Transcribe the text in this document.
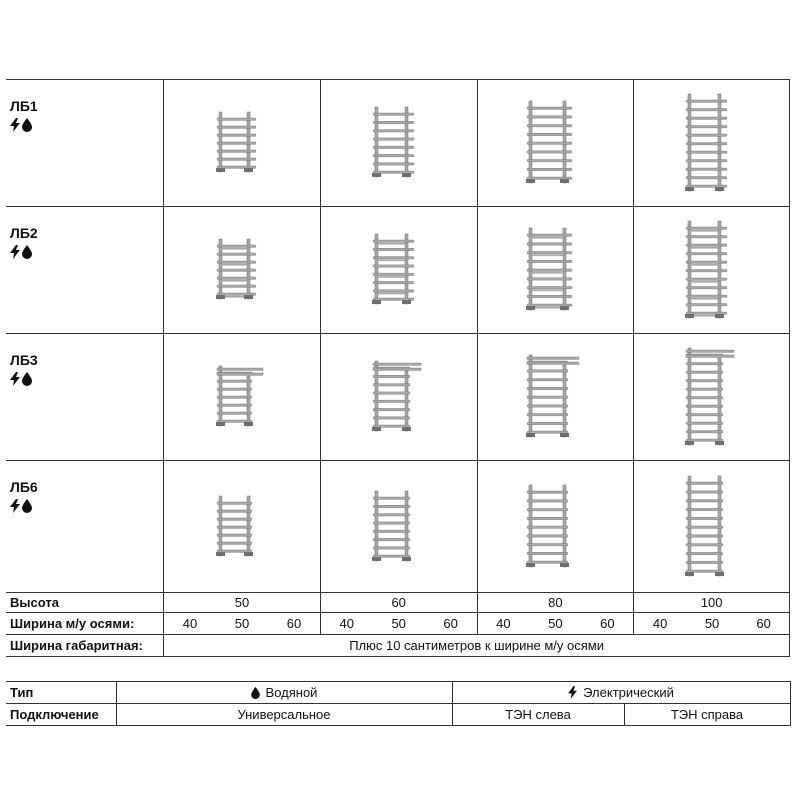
ЛБ1

ЛБ2

ЛБ3

ЛБ6

Высота	50			60			80			100		
Ширина м/у осями:	40	50	60	40	50	60	40	50	60	40	50	60
Ширина габаритная:	Плюс 10 сантиметров к ширине м/у осями											
Тип	Водяной	Электрический	
Подключение	Универсальное	ТЭН слева	ТЭН справа
